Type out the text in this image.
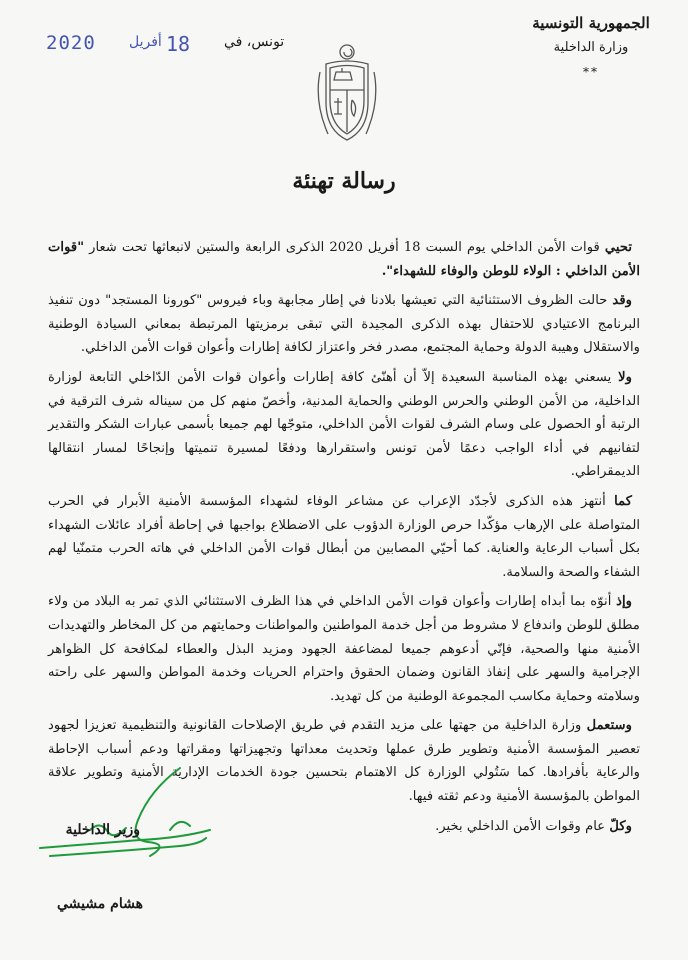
الجمهورية التونسية
وزارة الداخلية
**
2020 أفريل 18 تونس، في
رسالة تهنئة

تحيي قوات الأمن الداخلي يوم السبت 18 أفريل 2020 الذكرى الرابعة والستين لانبعاثها تحت شعار "قوات الأمن الداخلي : الولاء للوطن والوفاء للشهداء".

وقد حالت الظروف الاستثنائية التي تعيشها بلادنا في إطار مجابهة وباء فيروس "كورونا المستجد" دون تنفيذ البرنامج الاعتيادي للاحتفال بهذه الذكرى المجيدة التي تبقى برمزيتها المرتبطة بمعاني السيادة الوطنية والاستقلال وهيبة الدولة وحماية المجتمع، مصدر فخر واعتزاز لكافة إطارات وأعوان قوات الأمن الداخلي.

ولا يسعني بهذه المناسبة السعيدة إلاّ أن أهنّئ كافة إطارات وأعوان قوات الأمن الدّاخلي التابعة لوزارة الداخلية، من الأمن الوطني والحرس الوطني والحماية المدنية، وأخصّ منهم كل من سيناله شرف الترقية في الرتبة أو الحصول على وسام الشرف لقوات الأمن الداخلي، متوجّها لهم جميعا بأسمى عبارات الشكر والتقدير لتفانيهم في أداء الواجب دعمًا لأمن تونس واستقرارها ودفعًا لمسيرة تنميتها وإنجاحًا لمسار انتقالها الديمقراطي.

كما أنتهز هذه الذكرى لأجدّد الإعراب عن مشاعر الوفاء لشهداء المؤسسة الأمنية الأبرار في الحرب المتواصلة على الإرهاب مؤكّدا حرص الوزارة الدؤوب على الاضطلاع بواجبها في إحاطة أفراد عائلات الشهداء بكل أسباب الرعاية والعناية. كما أحيّي المصابين من أبطال قوات الأمن الداخلي في هاته الحرب متمنّيا لهم الشفاء والصحة والسلامة.

وإذ أنوّه بما أبداه إطارات وأعوان قوات الأمن الداخلي في هذا الظرف الاستثنائي الذي تمر به البلاد من ولاء مطلق للوطن واندفاع لا مشروط من أجل خدمة المواطنين والمواطنات وحمايتهم من كل المخاطر والتهديدات الأمنية منها والصحية، فإنّي أدعوهم جميعا لمضاعفة الجهود ومزيد البذل والعطاء لمكافحة كل الظواهر الإجرامية والسهر على إنفاذ القانون وضمان الحقوق واحترام الحريات وخدمة المواطن والسهر على راحته وسلامته وحماية مكاسب المجموعة الوطنية من كل تهديد.

وستعمل وزارة الداخلية من جهتها على مزيد التقدم في طريق الإصلاحات القانونية والتنظيمية تعزيزا لجهود تعصير المؤسسة الأمنية وتطوير طرق عملها وتحديث معداتها وتجهيزاتها ومقراتها ودعم أسباب الإحاطة والرعاية بأفرادها. كما سَتُولي الوزارة كل الاهتمام بتحسين جودة الخدمات الإدارية الأمنية وتطوير علاقة المواطن بالمؤسسة الأمنية ودعم ثقته فيها.

وكلّ عام وقوات الأمن الداخلي بخير.

وزير الداخلية
هشام مشيشي
